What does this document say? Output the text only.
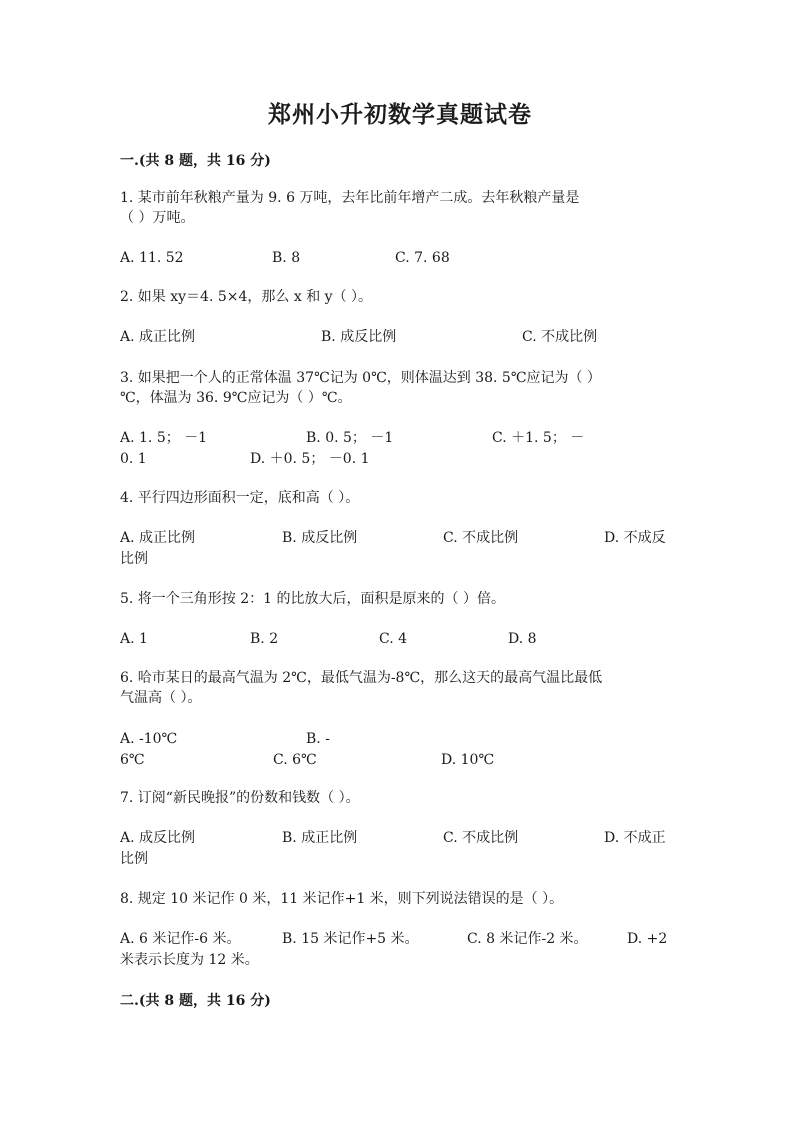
郑州小升初数学真题试卷
一.(共 8 题，共 16 分)
1. 某市前年秋粮产量为 9. 6 万吨，去年比前年增产二成。去年秋粮产量是
（ ）万吨。
A. 11. 52	B. 8	C. 7. 68
2. 如果 xy＝4. 5×4，那么 x 和 y（ ）。
A. 成正比例	B. 成反比例	C. 不成比例
3. 如果把一个人的正常体温 37℃记为 0℃，则体温达到 38. 5℃应记为（ ）
℃，体温为 36. 9℃应记为（ ）℃。
A. 1. 5； －1	B. 0. 5； －1	C. ＋1. 5； －
0. 1	D. ＋0. 5； －0. 1
4. 平行四边形面积一定，底和高（ ）。
A. 成正比例	B. 成反比例	C. 不成比例	D. 不成反
比例
5. 将一个三角形按 2：1 的比放大后，面积是原来的（ ）倍。
A. 1	B. 2	C. 4	D. 8
6. 哈市某日的最高气温为 2℃，最低气温为-8℃，那么这天的最高气温比最低
气温高（ ）。
A. -10℃	B. -
6℃	C. 6℃	D. 10℃
7. 订阅“新民晚报”的份数和钱数（ ）。
A. 成反比例	B. 成正比例	C. 不成比例	D. 不成正
比例
8. 规定 10 米记作 0 米，11 米记作+1 米，则下列说法错误的是（ ）。
A. 6 米记作-6 米。	B. 15 米记作+5 米。	C. 8 米记作-2 米。	D. +2
米表示长度为 12 米。
二.(共 8 题，共 16 分)
